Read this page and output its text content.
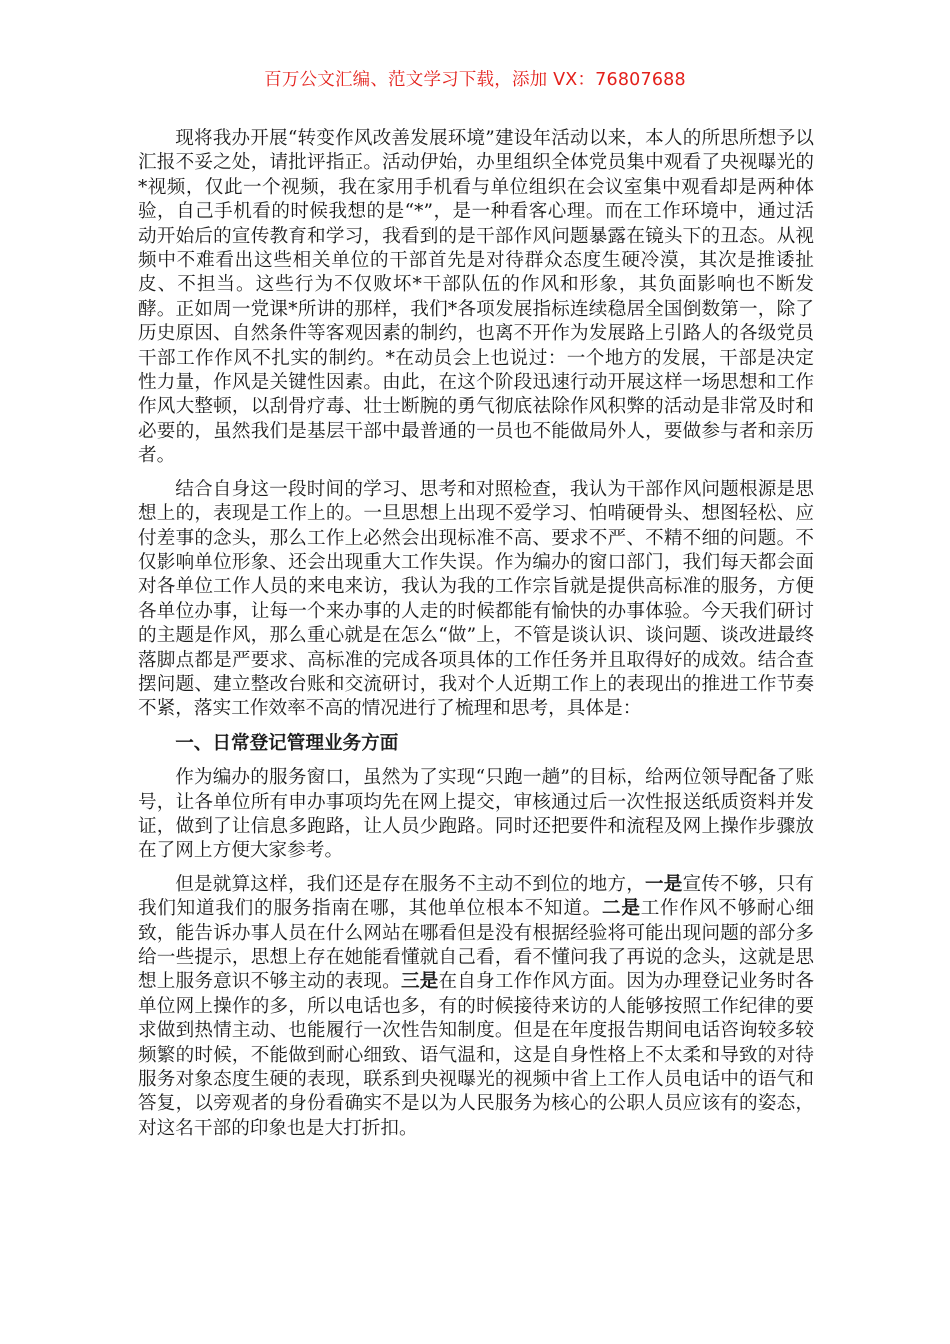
百万公文汇编、范文学习下载，添加 VX：76807688

现将我办开展“转变作风改善发展环境”建设年活动以来，本人的所思所想予以汇报不妥之处，请批评指正。活动伊始，办里组织全体党员集中观看了央视曝光的*视频，仅此一个视频，我在家用手机看与单位组织在会议室集中观看却是两种体验，自己手机看的时候我想的是“*”，是一种看客心理。而在工作环境中，通过活动开始后的宣传教育和学习，我看到的是干部作风问题暴露在镜头下的丑态。从视频中不难看出这些相关单位的干部首先是对待群众态度生硬冷漠，其次是推诿扯皮、不担当。这些行为不仅败坏*干部队伍的作风和形象，其负面影响也不断发酵。正如周一党课*所讲的那样，我们*各项发展指标连续稳居全国倒数第一，除了历史原因、自然条件等客观因素的制约，也离不开作为发展路上引路人的各级党员干部工作作风不扎实的制约。*在动员会上也说过：一个地方的发展，干部是决定性力量，作风是关键性因素。由此，在这个阶段迅速行动开展这样一场思想和工作作风大整顿，以刮骨疗毒、壮士断腕的勇气彻底祛除作风积弊的活动是非常及时和必要的，虽然我们是基层干部中最普通的一员也不能做局外人，要做参与者和亲历者。

结合自身这一段时间的学习、思考和对照检查，我认为干部作风问题根源是思想上的，表现是工作上的。一旦思想上出现不爱学习、怕啃硬骨头、想图轻松、应付差事的念头，那么工作上必然会出现标准不高、要求不严、不精不细的问题。不仅影响单位形象、还会出现重大工作失误。作为编办的窗口部门，我们每天都会面对各单位工作人员的来电来访，我认为我的工作宗旨就是提供高标准的服务，方便各单位办事，让每一个来办事的人走的时候都能有愉快的办事体验。今天我们研讨的主题是作风，那么重心就是在怎么“做”上，不管是谈认识、谈问题、谈改进最终落脚点都是严要求、高标准的完成各项具体的工作任务并且取得好的成效。结合查摆问题、建立整改台账和交流研讨，我对个人近期工作上的表现出的推进工作节奏不紧，落实工作效率不高的情况进行了梳理和思考，具体是：

一、日常登记管理业务方面

作为编办的服务窗口，虽然为了实现“只跑一趟”的目标，给两位领导配备了账号，让各单位所有申办事项均先在网上提交，审核通过后一次性报送纸质资料并发证，做到了让信息多跑路，让人员少跑路。同时还把要件和流程及网上操作步骤放在了网上方便大家参考。

但是就算这样，我们还是存在服务不主动不到位的地方，一是宣传不够，只有我们知道我们的服务指南在哪，其他单位根本不知道。二是工作作风不够耐心细致，能告诉办事人员在什么网站在哪看但是没有根据经验将可能出现问题的部分多给一些提示，思想上存在她能看懂就自己看，看不懂问我了再说的念头，这就是思想上服务意识不够主动的表现。三是在自身工作作风方面。因为办理登记业务时各单位网上操作的多，所以电话也多，有的时候接待来访的人能够按照工作纪律的要求做到热情主动、也能履行一次性告知制度。但是在年度报告期间电话咨询较多较频繁的时候，不能做到耐心细致、语气温和，这是自身性格上不太柔和导致的对待服务对象态度生硬的表现，联系到央视曝光的视频中省上工作人员电话中的语气和答复，以旁观者的身份看确实不是以为人民服务为核心的公职人员应该有的姿态，对这名干部的印象也是大打折扣。
